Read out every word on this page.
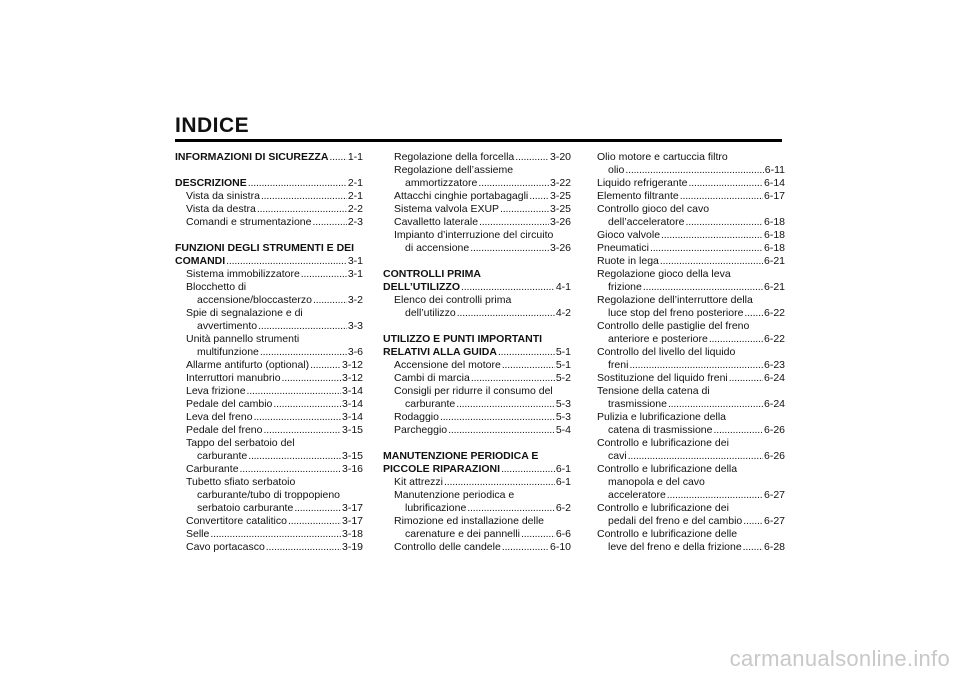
INDICE
INFORMAZIONI DI SICUREZZA . . . 1-1
DESCRIZIONE . . .	2-1
Vista da sinistra . . .	2-1
Vista da destra . . .	2-2
Comandi e strumentazione . . .	2-3
FUNZIONI DEGLI STRUMENTI E DEI
COMANDI . . .	3-1
Sistema immobilizzatore . . .	3-1
Blocchetto di
accensione/bloccasterzo . . .	3-2
Spie di segnalazione e di
avvertimento . . .	3-3
Unità pannello strumenti
multifunzione . . .	3-6
Allarme antifurto (optional) . . .	3-12
Interruttori manubrio . . .	3-12
Leva frizione . . .	3-14
Pedale del cambio . . .	3-14
Leva del freno . . .	3-14
Pedale del freno . . .	3-15
Tappo del serbatoio del
carburante . . .	3-15
Carburante . . .	3-16
Tubetto sfiato serbatoio
carburante/tubo di troppopieno
serbatoio carburante . . .	3-17
Convertitore catalitico . . .	3-17
Selle . . .	3-18
Cavo portacasco . . .	3-19
Regolazione della forcella . . .	3-20
Regolazione dell’assieme
ammortizzatore . . .	3-22
Attacchi cinghie portabagagli . . . 3-25
Sistema valvola EXUP . . .	3-25
Cavalletto laterale . . .	3-26
Impianto d’interruzione del circuito
di accensione . . .	3-26
CONTROLLI PRIMA
DELL’UTILIZZO . . .	4-1
Elenco dei controlli prima
dell’utilizzo . . .	4-2
UTILIZZO E PUNTI IMPORTANTI
RELATIVI ALLA GUIDA . . .	5-1
Accensione del motore . . .	5-1
Cambi di marcia . . .	5-2
Consigli per ridurre il consumo del
carburante . . .	5-3
Rodaggio . . .	5-3
Parcheggio . . .	5-4
MANUTENZIONE PERIODICA E
PICCOLE RIPARAZIONI . . .	6-1
Kit attrezzi . . .	6-1
Manutenzione periodica e
lubrificazione . . .	6-2
Rimozione ed installazione delle
carenature e dei pannelli . . .	6-6
Controllo delle candele . . .	6-10
Olio motore e cartuccia filtro
olio . . .	6-11
Liquido refrigerante . . .	6-14
Elemento filtrante . . .	6-17
Controllo gioco del cavo
dell’acceleratore . . .	6-18
Gioco valvole . . .	6-18
Pneumatici . . .	6-18
Ruote in lega . . .	6-21
Regolazione gioco della leva
frizione . . .	6-21
Regolazione dell’interruttore della
luce stop del freno posteriore . . . 6-22
Controllo delle pastiglie del freno
anteriore e posteriore . . .	6-22
Controllo del livello del liquido
freni . . .	6-23
Sostituzione del liquido freni . . .	6-24
Tensione della catena di
trasmissione . . .	6-24
Pulizia e lubrificazione della
catena di trasmissione . . .	6-26
Controllo e lubrificazione dei
cavi . . .	6-26
Controllo e lubrificazione della
manopola e del cavo
acceleratore . . .	6-27
Controllo e lubrificazione dei
pedali del freno e del cambio . . . 6-27
Controllo e lubrificazione delle
leve del freno e della frizione . . . 6-28
carmanualsonline.info
